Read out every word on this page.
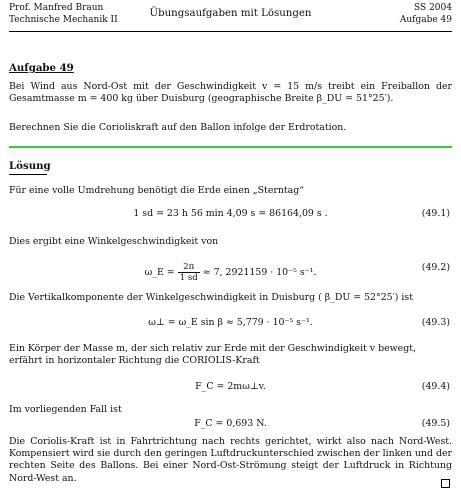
Prof. Manfred Braun
Technische Mechanik II
Übungsaufgaben mit Lösungen	SS 2004
Aufgabe 49
Aufgabe 49
Bei Wind aus Nord-Ost mit der Geschwindigkeit v = 15 m/s treibt ein Freiballon der Gesamtmasse m = 400 kg über Duisburg (geographische Breite β_DU = 51°25′).
Berechnen Sie die Corioliskraft auf den Ballon infolge der Erdrotation.
Lösung
Für eine volle Umdrehung benötigt die Erde einen „Sterntag“
1 sd = 23 h 56 min 4,09 s = 86164,09 s .	(49.1)
Dies ergibt eine Winkelgeschwindigkeit von
ω_E = $\frac{2\pi}{1 sd} \approx 7$, 2921159 · 10⁻⁵ s⁻¹.	(49.2)
Die Vertikalkomponente der Winkelgeschwindigkeit in Duisburg ( β_DU = 52°25′) ist
ω⊥ = ω_E sin β ≈ 5,779 · 10⁻⁵ s⁻¹.	(49.3)
Ein Körper der Masse m, der sich relativ zur Erde mit der Geschwindigkeit v bewegt, erfährt in horizontaler Richtung die CORIOLIS-Kraft
F_C = 2mω⊥v.	(49.4)
Im vorliegenden Fall ist
F_C = 0,693 N.	(49.5)
Die Coriolis-Kraft ist in Fahrtrichtung nach rechts gerichtet, wirkt also nach Nord-West. Kompensiert wird sie durch den geringen Luftdruckunterschied zwischen der linken und der rechten Seite des Ballons. Bei einer Nord-Ost-Strömung steigt der Luftdruck in Richtung Nord-West an.
